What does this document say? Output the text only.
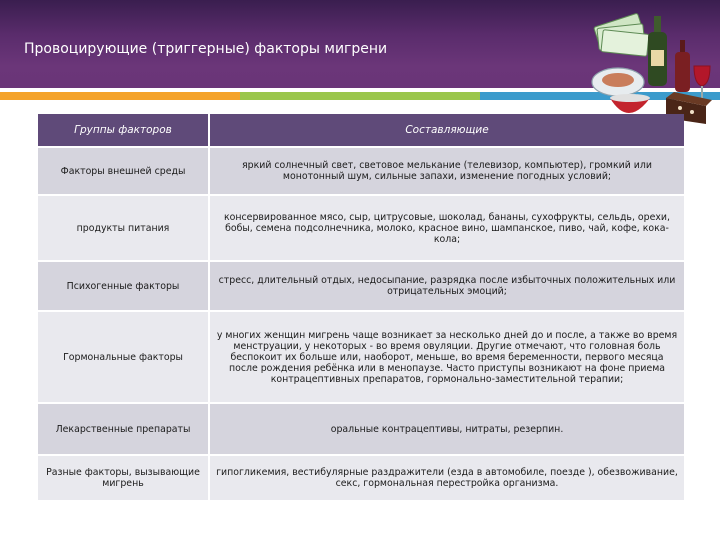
Провоцирующие (триггерные) факторы мигрени
Группы факторов	Составляющие
Факторы внешней среды	яркий солнечный свет, световое мелькание (телевизор, компьютер), громкий или монотонный шум, сильные запахи, изменение погодных условий;
продукты питания	консервированное мясо, сыр, цитрусовые, шоколад, бананы, сухофрукты, сельдь, орехи, бобы, семена подсолнечника, молоко, красное вино, шампанское, пиво, чай, кофе, кока-кола;
Психогенные факторы	стресс, длительный отдых, недосыпание, разрядка после избыточных положительных или отрицательных эмоций;
Гормональные факторы	у многих женщин мигрень чаще возникает за несколько дней до и после, а также во время менструации, у некоторых - во время овуляции. Другие отмечают, что головная боль беспокоит их больше или, наоборот, меньше, во время беременности, первого месяца после рождения ребёнка или в менопаузе. Часто приступы возникают на фоне приема контрацептивных препаратов, гормонально-заместительной терапии;
Лекарственные препараты	оральные контрацептивы, нитраты, резерпин.
Разные факторы, вызывающие мигрень	гипогликемия, вестибулярные раздражители (езда в автомобиле, поезде ), обезвоживание, секс, гормональная перестройка организма.
